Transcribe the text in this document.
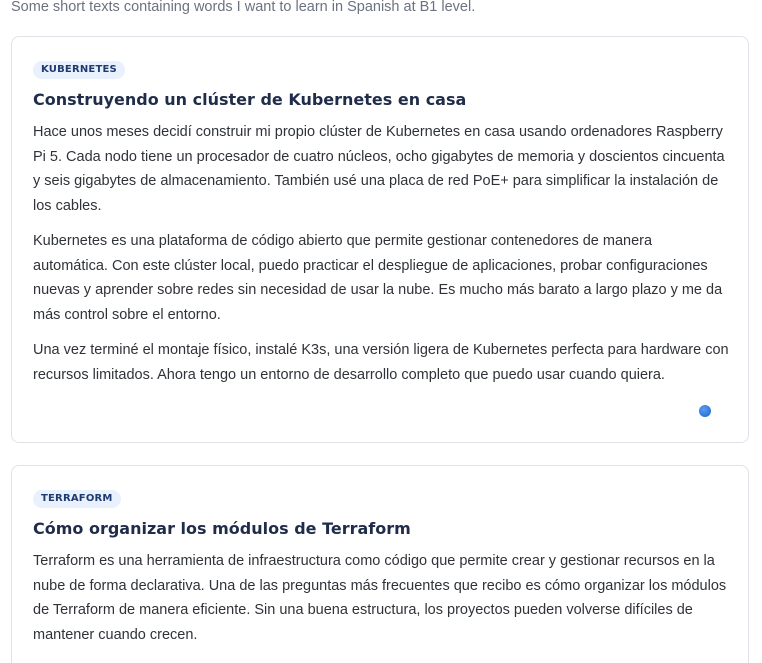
Some short texts containing words I want to learn in Spanish at B1 level.
KUBERNETES
Construyendo un clúster de Kubernetes en casa

Hace unos meses decidí construir mi propio clúster de Kubernetes en casa usando ordenadores Raspberry Pi 5. Cada nodo tiene un procesador de cuatro núcleos, ocho gigabytes de memoria y doscientos cincuenta y seis gigabytes de almacenamiento. También usé una placa de red PoE+ para simplificar la instalación de los cables.

Kubernetes es una plataforma de código abierto que permite gestionar contenedores de manera automática. Con este clúster local, puedo practicar el despliegue de aplicaciones, probar configuraciones nuevas y aprender sobre redes sin necesidad de usar la nube. Es mucho más barato a largo plazo y me da más control sobre el entorno.

Una vez terminé el montaje físico, instalé K3s, una versión ligera de Kubernetes perfecta para hardware con recursos limitados. Ahora tengo un entorno de desarrollo completo que puedo usar cuando quiera.

TERRAFORM
Cómo organizar los módulos de Terraform

Terraform es una herramienta de infraestructura como código que permite crear y gestionar recursos en la nube de forma declarativa. Una de las preguntas más frecuentes que recibo es cómo organizar los módulos de Terraform de manera eficiente. Sin una buena estructura, los proyectos pueden volverse difíciles de mantener cuando crecen.
